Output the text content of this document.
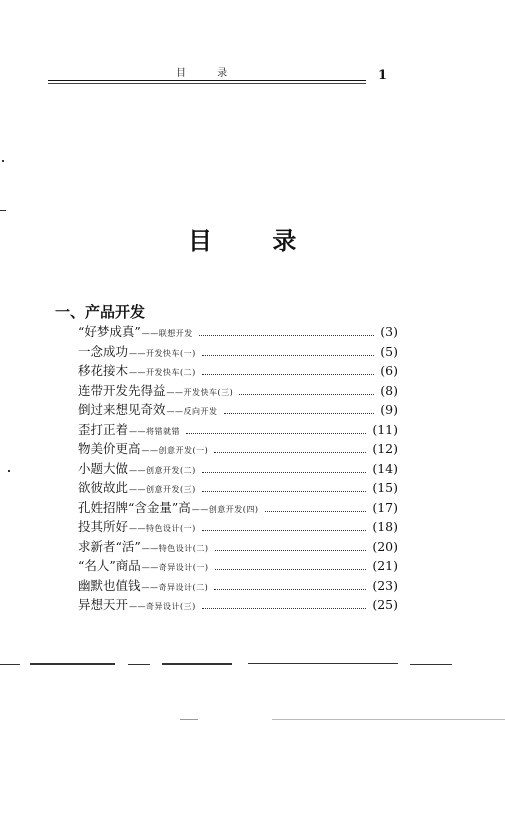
目 录	1
目 录
一、产品开发
“好梦成真” ——联想开发	(3)
一念成功 ——开发快车(一)	(5)
移花接木 ——开发快车(二)	(6)
连带开发先得益 ——开发快车(三)	(8)
倒过来想见奇效 ——反向开发	(9)
歪打正着 ——将错就错	(11)
物美价更高 ——创意开发(一)	(12)
小题大做 ——创意开发(二)	(14)
欲彼故此 ——创意开发(三)	(15)
孔姓招牌“含金量”高 ——创意开发(四)	(17)
投其所好 ——特色设计(一)	(18)
求新者“活” ——特色设计(二)	(20)
“名人”商品 ——奇异设计(一)	(21)
幽默也值钱 ——奇异设计(二)	(23)
异想天开 ——奇异设计(三)	(25)
